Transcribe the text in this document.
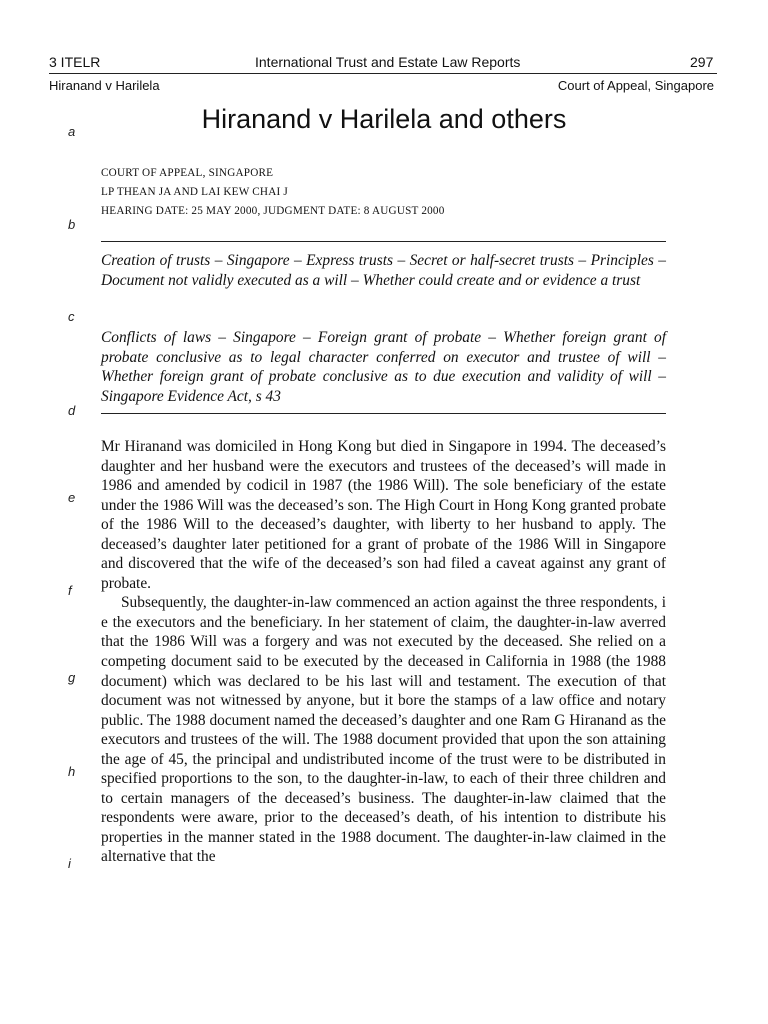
3 ITELR	International Trust and Estate Law Reports	297
Hiranand v Harilela	Court of Appeal, Singapore
Hiranand v Harilela and others
a
b
c
d
e
f
g
h
i
COURT OF APPEAL, SINGAPORE
LP THEAN JA AND LAI KEW CHAI J
HEARING DATE: 25 MAY 2000, JUDGMENT DATE: 8 AUGUST 2000
Creation of trusts – Singapore – Express trusts – Secret or half-secret trusts – Principles – Document not validly executed as a will – Whether could create and or evidence a trust
Conflicts of laws – Singapore – Foreign grant of probate – Whether foreign grant of probate conclusive as to legal character conferred on executor and trustee of will – Whether foreign grant of probate conclusive as to due execution and validity of will – Singapore Evidence Act, s 43

Mr Hiranand was domiciled in Hong Kong but died in Singapore in 1994. The deceased’s daughter and her husband were the executors and trustees of the deceased’s will made in 1986 and amended by codicil in 1987 (the 1986 Will). The sole beneficiary of the estate under the 1986 Will was the deceased’s son. The High Court in Hong Kong granted probate of the 1986 Will to the deceased’s daughter, with liberty to her husband to apply. The deceased’s daughter later petitioned for a grant of probate of the 1986 Will in Singapore and discovered that the wife of the deceased’s son had filed a caveat against any grant of probate.

Subsequently, the daughter-in-law commenced an action against the three respondents, i e the executors and the beneficiary. In her statement of claim, the daughter-in-law averred that the 1986 Will was a forgery and was not executed by the deceased. She relied on a competing document said to be executed by the deceased in California in 1988 (the 1988 document) which was declared to be his last will and testament. The execution of that document was not witnessed by anyone, but it bore the stamps of a law office and notary public. The 1988 document named the deceased’s daughter and one Ram G Hiranand as the executors and trustees of the will. The 1988 document provided that upon the son attaining the age of 45, the principal and undistributed income of the trust were to be distributed in specified proportions to the son, to the daughter-in-law, to each of their three children and to certain managers of the deceased’s business. The daughter-in-law claimed that the respondents were aware, prior to the deceased’s death, of his intention to distribute his properties in the manner stated in the 1988 document. The daughter-in-law claimed in the alternative that the
